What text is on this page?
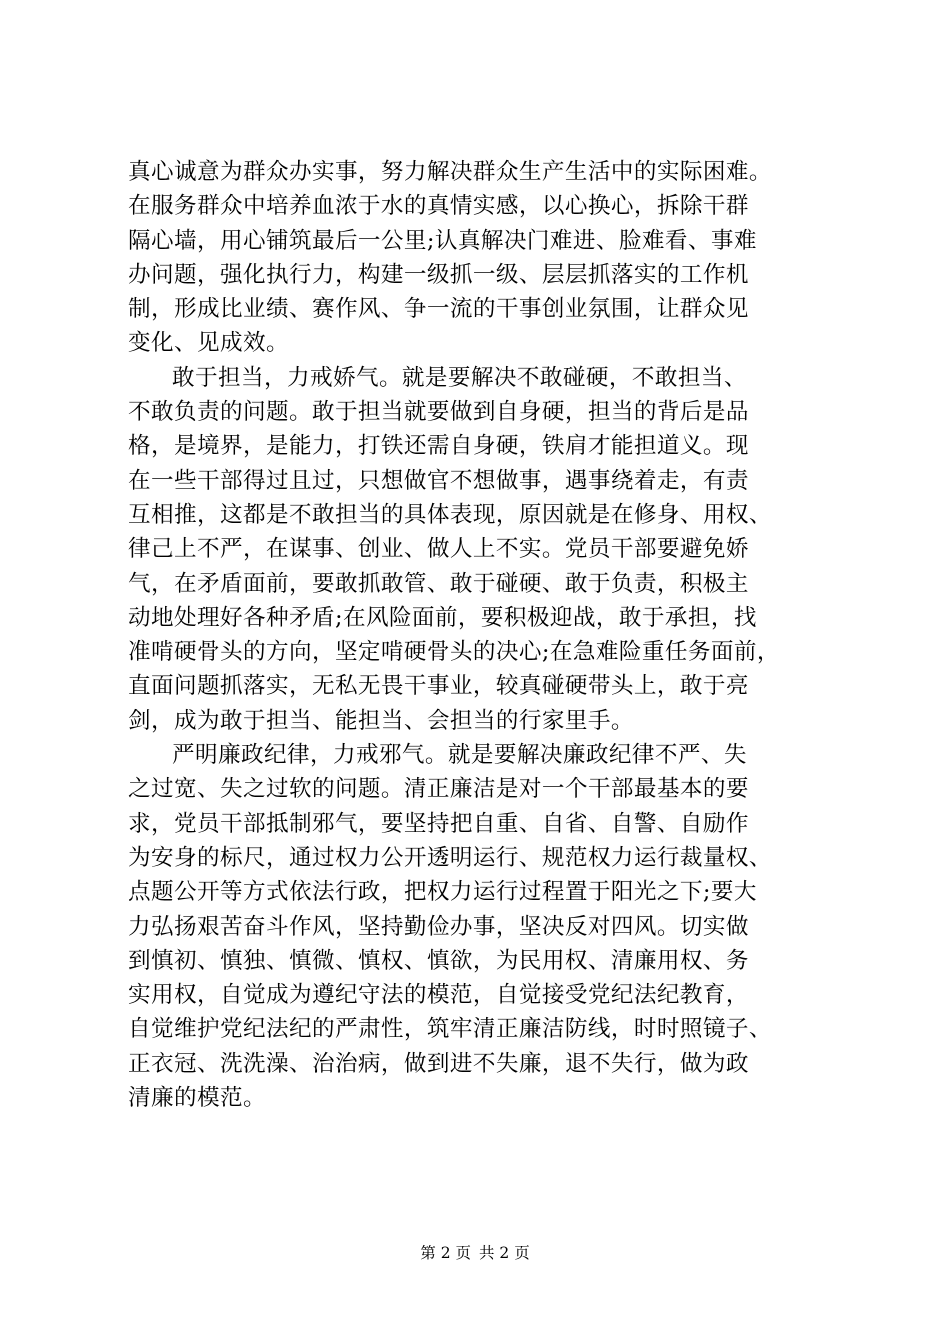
真心诚意为群众办实事，努力解决群众生产生活中的实际困难。
在服务群众中培养血浓于水的真情实感，以心换心，拆除干群
隔心墙，用心铺筑最后一公里;认真解决门难进、脸难看、事难
办问题，强化执行力，构建一级抓一级、层层抓落实的工作机
制，形成比业绩、赛作风、争一流的干事创业氛围，让群众见
变化、见成效。
敢于担当，力戒娇气。就是要解决不敢碰硬，不敢担当、
不敢负责的问题。敢于担当就要做到自身硬，担当的背后是品
格，是境界，是能力，打铁还需自身硬，铁肩才能担道义。现
在一些干部得过且过，只想做官不想做事，遇事绕着走，有责
互相推，这都是不敢担当的具体表现，原因就是在修身、用权、
律己上不严，在谋事、创业、做人上不实。党员干部要避免娇
气，在矛盾面前，要敢抓敢管、敢于碰硬、敢于负责，积极主
动地处理好各种矛盾;在风险面前，要积极迎战，敢于承担，找
准啃硬骨头的方向，坚定啃硬骨头的决心;在急难险重任务面前，
直面问题抓落实，无私无畏干事业，较真碰硬带头上，敢于亮
剑，成为敢于担当、能担当、会担当的行家里手。
严明廉政纪律，力戒邪气。就是要解决廉政纪律不严、失
之过宽、失之过软的问题。清正廉洁是对一个干部最基本的要
求，党员干部抵制邪气，要坚持把自重、自省、自警、自励作
为安身的标尺，通过权力公开透明运行、规范权力运行裁量权、
点题公开等方式依法行政，把权力运行过程置于阳光之下;要大
力弘扬艰苦奋斗作风，坚持勤俭办事，坚决反对四风。切实做
到慎初、慎独、慎微、慎权、慎欲，为民用权、清廉用权、务
实用权，自觉成为遵纪守法的模范，自觉接受党纪法纪教育，
自觉维护党纪法纪的严肃性，筑牢清正廉洁防线，时时照镜子、
正衣冠、洗洗澡、治治病，做到进不失廉，退不失行，做为政
清廉的模范。
第 2 页 共 2 页
